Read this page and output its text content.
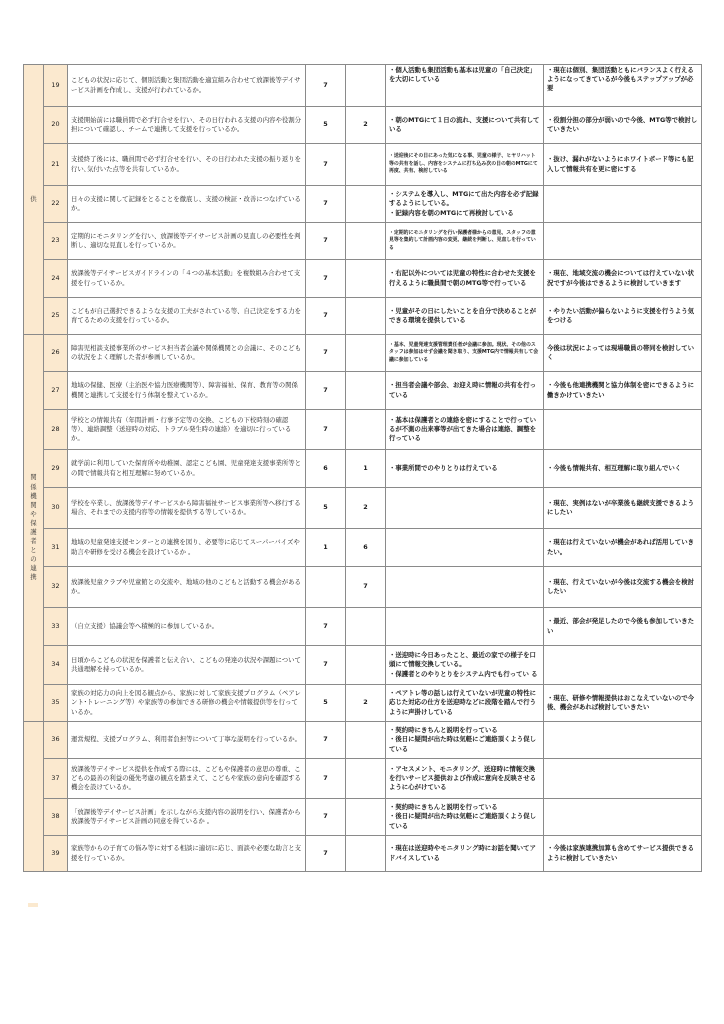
供	19	こどもの状況に応じて、個別活動と集団活動を適宜組み合わせて放課後等デイサービス計画を作成し、支援が行われているか。	7		・個人活動も集団活動も基本は児童の「自己決定」を大切にしている	・現在は個別、集団活動ともにバランスよく行えるようになってきているが今後もステップアップが必要

	20	支援開始前には職員間で必ず打合せを行い、その日行われる支援の内容や役割分担について確認し、チームで連携して支援を行っているか。	5	2	・朝のMTGにて１日の流れ、支援について共有している	・役割分担の部分が弱いので今後、MTG等で検討していきたい

	21	支援終了後には、職員間で必ず打合せを行い、その日行われた支援の振り返りを行い､気付いた点等を共有しているか。	7		・送迎後にその日にあった気になる事、児童の様子、ヒヤリハット等の共有を話し、内容をシステムに打ち込み次の日の朝のMTGにて再度、共有、検討している	・抜け、漏れがないようにホワイトボード等にも記入して情報共有を更に密にする

	22	日々の支援に関して記録をとることを徹底し、支援の検証・改善につなげているか。	7		・システムを導入し、MTGにて出た内容を必ず記録するようにしている。
・記録内容を朝のMTGにて再検討している	

	23	定期的にモニタリングを行い、放課後等デイサービス計画の見直しの必要性を判断し、適切な見直しを行っているか。	7		・定期的にモニタリングを行い保護者様からの意見、スタッフの意見等を集約して計画内容の変更、継続を判断し、見直しを行っている	

	24	放課後等デイサービスガイドラインの「４つの基本活動」を複数組み合わせて支援を行っているか。	7		・右記以外については児童の特性に合わせた支援を行えるように職員間で朝のMTG等で行っている	・現在、地域交流の機会については行えていない状況ですが今後はできるように検討していきます

	25	こどもが自己選択できるような支援の工夫がされている等、自己決定をする力を育てるための支援を行っているか。	7		・児童がその日にしたいことを自分で決めることができる環境を提供している	・やりたい活動が偏らないように支援を行うよう気をつける

関係機関や保護者との連携	26	障害児相談支援事業所のサービス担当者会議や関係機関との会議に、そのこどもの状況をよく理解した者が参画しているか。	7		・基本、児童発達支援管理責任者が会議に参加。現状、その他のスタッフは参加はせず会議を聞き取り、支援MTG内で情報共有して会議に参加している	今後は状況によっては現場職員の帯同を検討していく

	27	地域の保健、医療（主治医や協力医療機関等）、障害福祉、保育、教育等の関係機関と連携して支援を行う体制を整えているか。	7		・担当者会議や部会、お迎え時に情報の共有を行っている	・今後も他連携機関と協力体制を密にできるように働きかけていきたい

	28	学校との情報共有（年間計画・行事予定等の交換、こどもの下校時刻の確認等）、連絡調整（送迎時の対応、トラブル発生時の連絡）を適切に行っているか。	7		・基本は保護者との連絡を密にすることで行っているが不測の出来事等が出てきた場合は連絡、調整を行っている	

	29	就学前に利用していた保育所や幼稚園、認定こども園、児童発達支援事業所等との間で情報共有と相互理解に努めているか。	6	1	・事業所間でのやりとりは行えている	・今後も情報共有、相互理解に取り組んでいく

	30	学校を卒業し、放課後等デイサービスから障害福祉サービス事業所等へ移行する場合、それまでの支援内容等の情報を提供する等しているか。	5	2		・現在、実例はないが卒業後も継続支援できるようにしたい

	31	地域の児童発達支援センターとの連携を図り、必要等に応じてスーパーバイズや助言や研修を受ける機会を設けているか 。	1	6		・現在は行えていないが機会があれば活用していきたい。

	32	放課後児童クラブや児童館との交流や、地域の他のこどもと活動する機会があるか。		7		・現在、行えていないが今後は交流する機会を検討したい

	33	（自立支援）協議会等へ積極的に参加しているか。	7			・最近、部会が発足したので今後も参加していきたい

	34	日頃からこどもの状況を保護者と伝え合い、こどもの発達の状況や課題について共通理解を持っているか。	7		・送迎時に今日あったこと、最近の家での様子を口頭にて情報交換している。
・保護者とのやりとりをシステム内でも行ってい る	

	35	家族の対応力の向上を図る観点から、家族に対して家族支援プログラム（ペアレント･トレーニング等）や家族等の参加できる研修の機会や情報提供等を行っているか。	5	2	・ペアトレ等の話しは行えていないが児童の特性に応じた対応の仕方を送迎時などに段階を踏んで行うように声掛けしている	・現在、研修や情報提供はおこなえていないので今後、機会があれば検討していきたい

	36	運営規程、支援プログラム、利用者負担等について丁寧な説明を行っているか。	7		・契約時にきちんと説明を行っている
・後日に疑問が出た時は気軽にご連絡頂くよう促している	

	37	放課後等デイサービス提供を作成する際には、こどもや保護者の意思の尊重、こどもの最善の利益の優先考慮の観点を踏まえて、こどもや家族の意向を確認する機会を設けているか。	7		・アセスメント、モニタリング、送迎時に情報交換を行いサービス提供および作成に意向を反映させるように心がけている	

	38	「放課後等デイサービス計画」を示しながら支援内容の説明を行い、保護者から放課後等デイサービス計画の同意を得ているか 。	7		・契約時にきちんと説明を行っている
・後日に疑問が出た時は気軽にご連絡頂くよう促している	

	39	家族等からの子育ての悩み等に対する相談に適切に応じ、面談や必要な助言と支援を行っているか。	7		・現在は送迎時やモニタリング時にお話を聞いてアドバイスしている	・今後は家族連携加算も含めてサービス提供できるように検討していきたい
